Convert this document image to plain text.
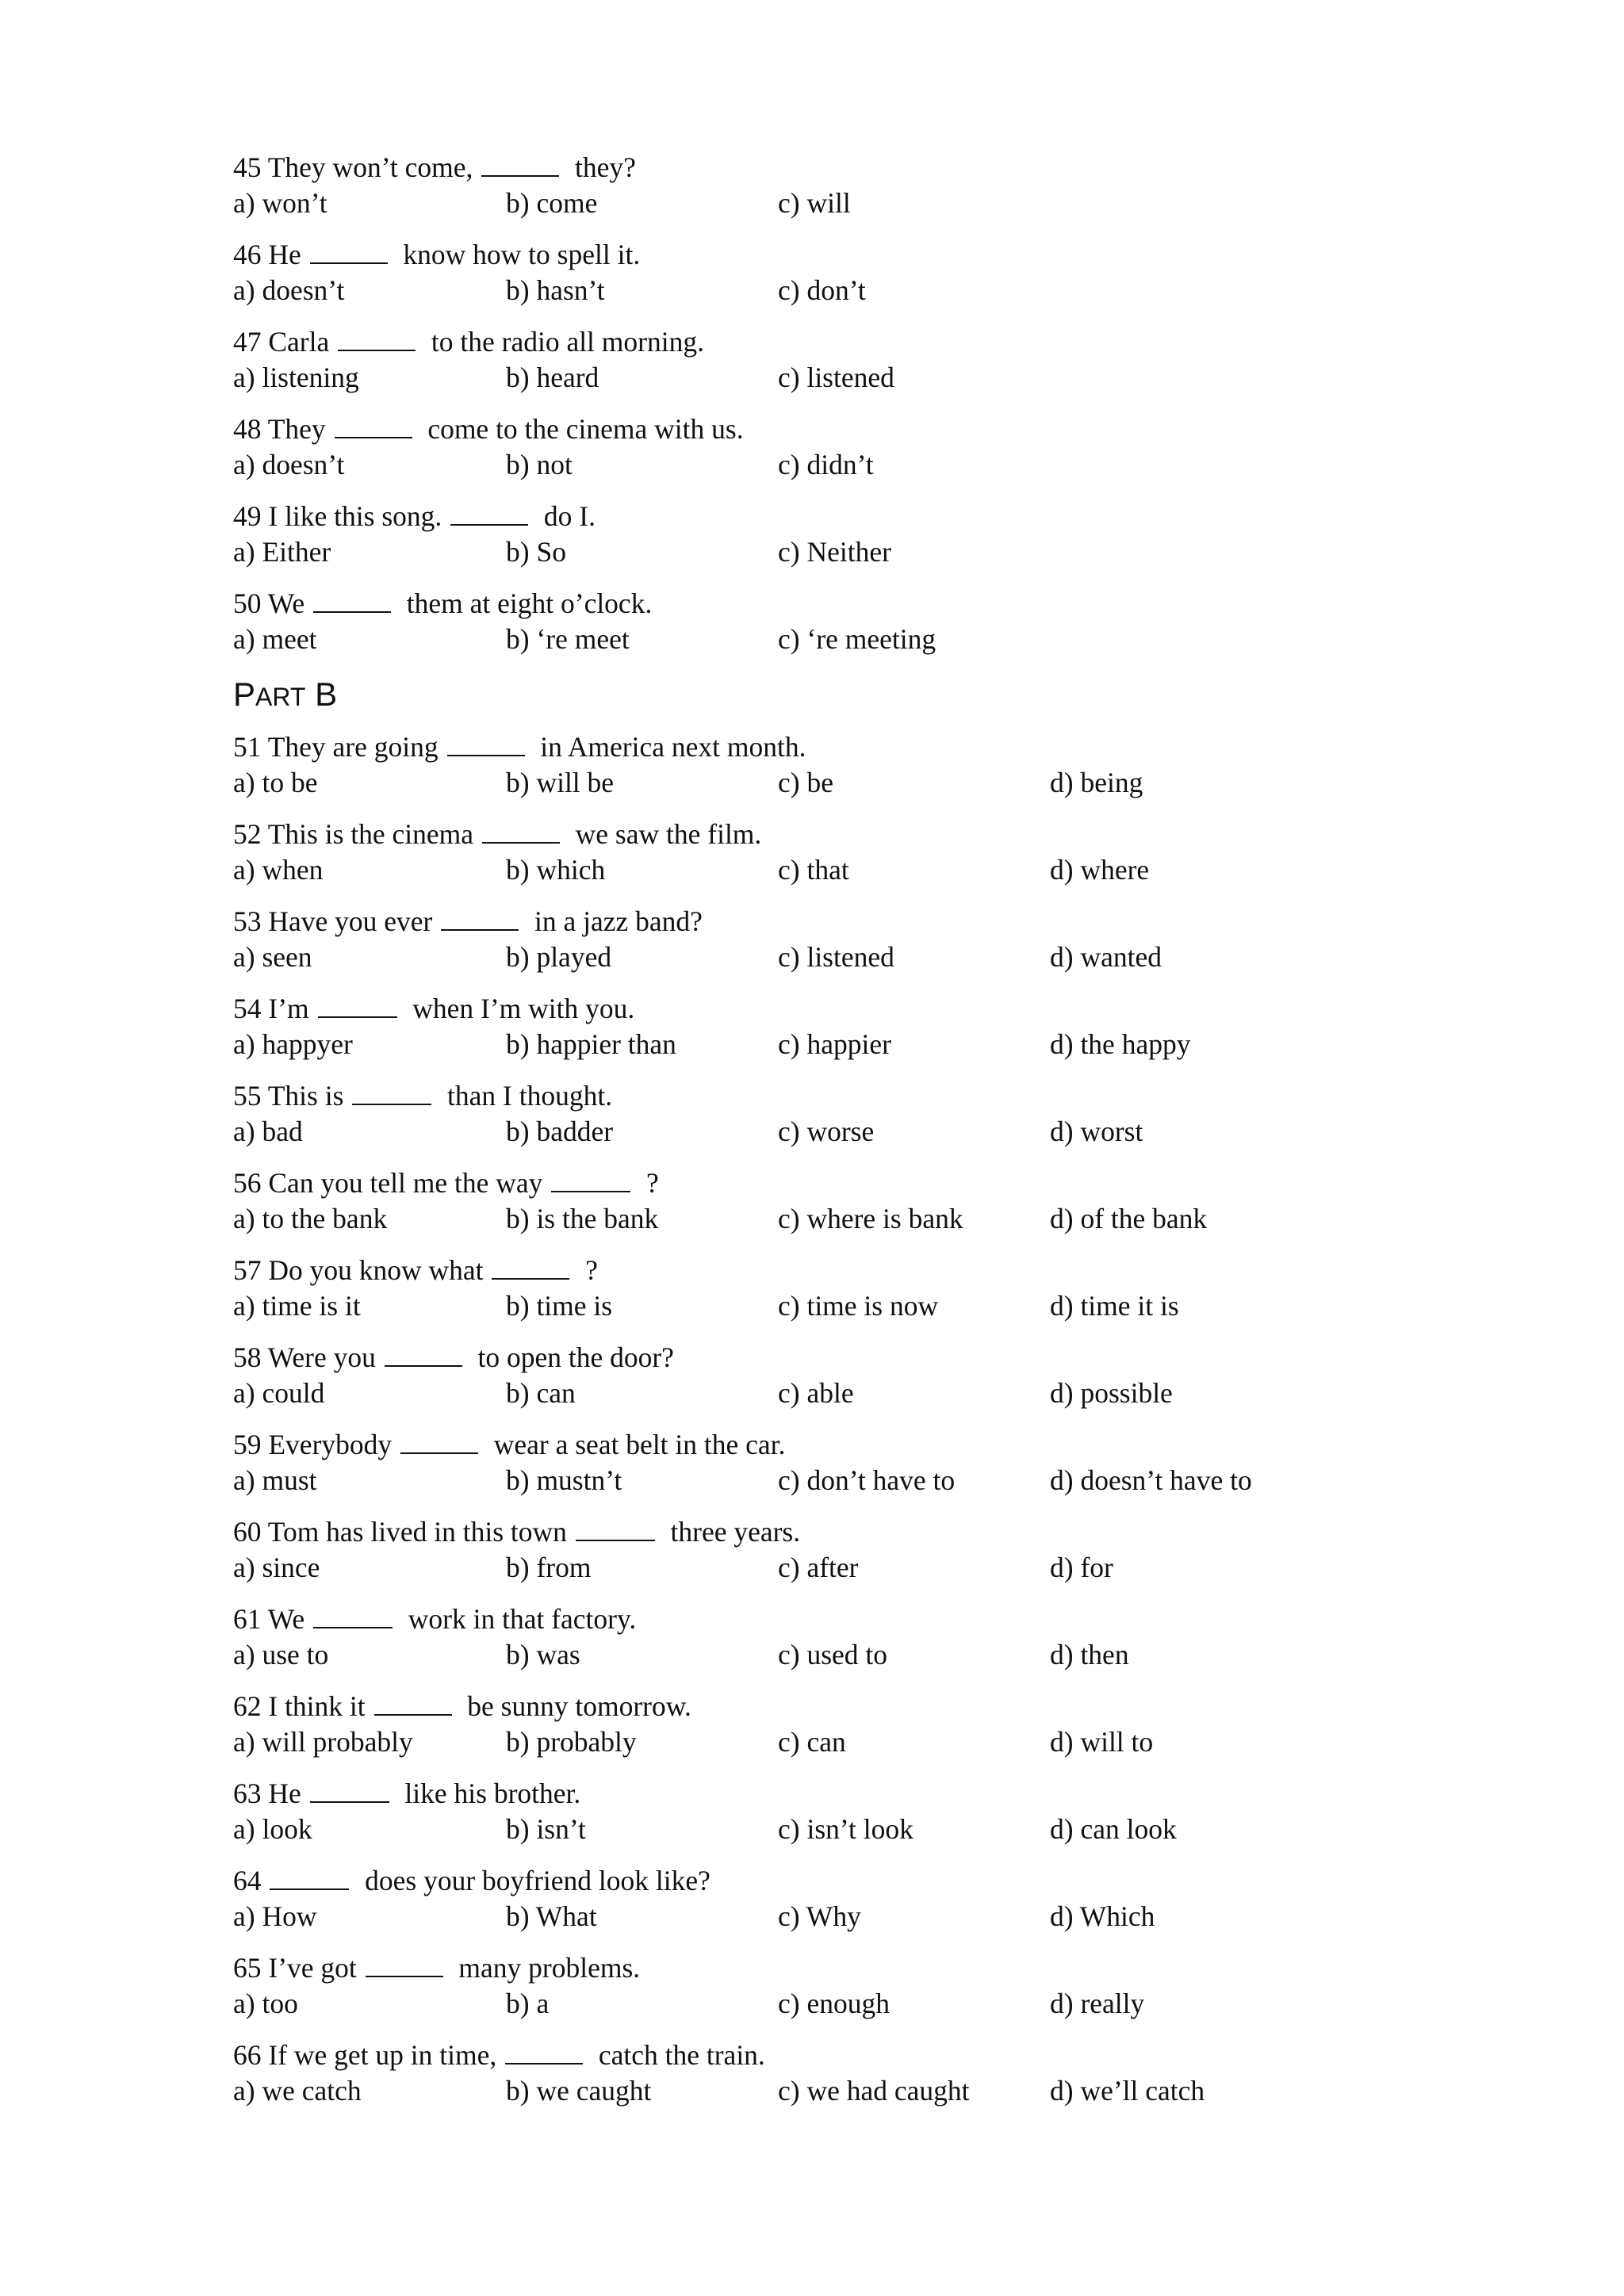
45 They won’t come,	they?
a) won’t	b) come	c) will
46 He	know how to spell it.
a) doesn’t	b) hasn’t	c) don’t
47 Carla	to the radio all morning.
a) listening	b) heard	c) listened
48 They	come to the cinema with us.
a) doesn’t	b) not	c) didn’t
49 I like this song.	do I.
a) Either	b) So	c) Neither
50 We	them at eight o’clock.
a) meet	b) ‘re meet	c) ‘re meeting
PART B
51 They are going	in America next month.
a) to be	b) will be	c) be	d) being
52 This is the cinema	we saw the film.
a) when	b) which	c) that	d) where
53 Have you ever	in a jazz band?
a) seen	b) played	c) listened	d) wanted
54 I’m	when I’m with you.
a) happyer	b) happier than	c) happier	d) the happy
55 This is	than I thought.
a) bad	b) badder	c) worse	d) worst
56 Can you tell me the way	?
a) to the bank	b) is the bank	c) where is bank	d) of the bank
57 Do you know what	?
a) time is it	b) time is	c) time is now	d) time it is
58 Were you	to open the door?
a) could	b) can	c) able	d) possible
59 Everybody	wear a seat belt in the car.
a) must	b) mustn’t	c) don’t have to	d) doesn’t have to
60 Tom has lived in this town	three years.
a) since	b) from	c) after	d) for
61 We	work in that factory.
a) use to	b) was	c) used to	d) then
62 I think it	be sunny tomorrow.
a) will probably	b) probably	c) can	d) will to
63 He	like his brother.
a) look	b) isn’t	c) isn’t look	d) can look
64	does your boyfriend look like?
a) How	b) What	c) Why	d) Which
65 I’ve got	many problems.
a) too	b) a	c) enough	d) really
66 If we get up in time,	catch the train.
a) we catch	b) we caught	c) we had caught	d) we’ll catch
